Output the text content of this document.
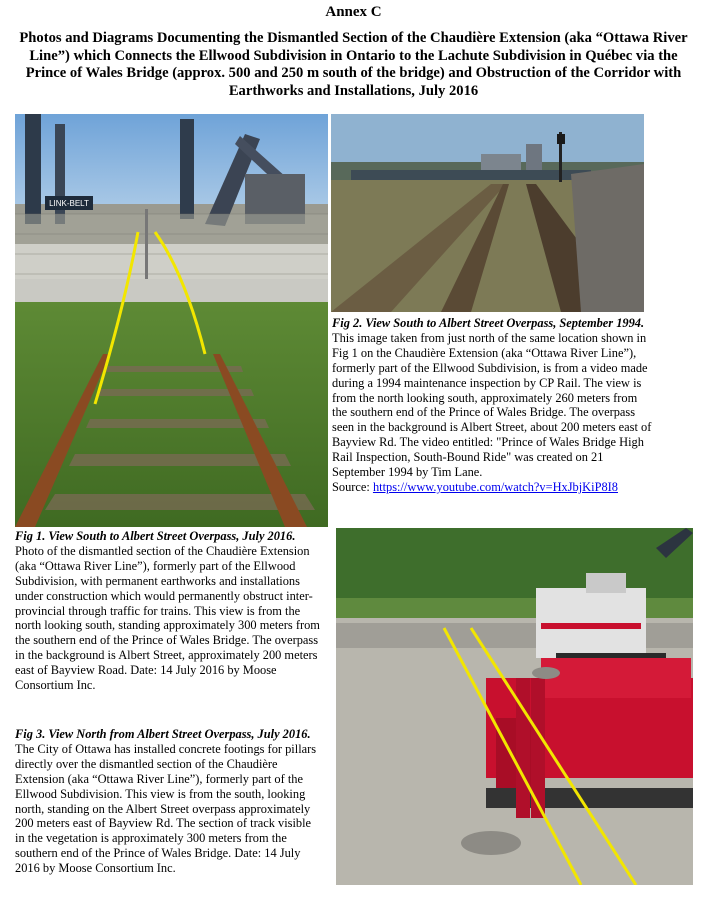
Annex C
Photos and Diagrams Documenting the Dismantled Section of the Chaudière Extension (aka “Ottawa River Line”) which Connects the Ellwood Subdivision in Ontario to the Lachute Subdivision in Québec via the Prince of Wales Bridge (approx. 500 and 250 m south of the bridge) and Obstruction of the Corridor with Earthworks and Installations, July 2016
LINK-BELT
Fig 2. View South to Albert Street Overpass, September 1994. This image taken from just north of the same location shown in Fig 1 on the Chaudière Extension (aka “Ottawa River Line”), formerly part of the Ellwood Subdivision, is from a video made during a 1994 maintenance inspection by CP Rail. The view is from the north looking south, approximately 260 meters from the southern end of the Prince of Wales Bridge. The overpass seen in the background is Albert Street, about 200 meters east of Bayview Rd. The video entitled: "Prince of Wales Bridge High Rail Inspection, South-Bound Ride" was created on 21 September 1994 by Tim Lane.
Source: https://www.youtube.com/watch?v=HxJbjKiP8I8
Fig 1. View South to Albert Street Overpass, July 2016. Photo of the dismantled section of the Chaudière Extension (aka “Ottawa River Line”), formerly part of the Ellwood Subdivision, with permanent earthworks and installations under construction which would permanently obstruct inter-provincial through traffic for trains. This view is from the north looking south, standing approximately 300 meters from the southern end of the Prince of Wales Bridge. The overpass in the background is Albert Street, approximately 200 meters east of Bayview Road. Date: 14 July 2016 by Moose Consortium Inc.
Fig 3. View North from Albert Street Overpass, July 2016. The City of Ottawa has installed concrete footings for pillars directly over the dismantled section of the Chaudière Extension (aka “Ottawa River Line”), formerly part of the Ellwood Subdivision. This view is from the south, looking north, standing on the Albert Street overpass approximately 200 meters east of Bayview Rd. The section of track visible in the vegetation is approximately 300 meters from the southern end of the Prince of Wales Bridge. Date: 14 July 2016 by Moose Consortium Inc.
